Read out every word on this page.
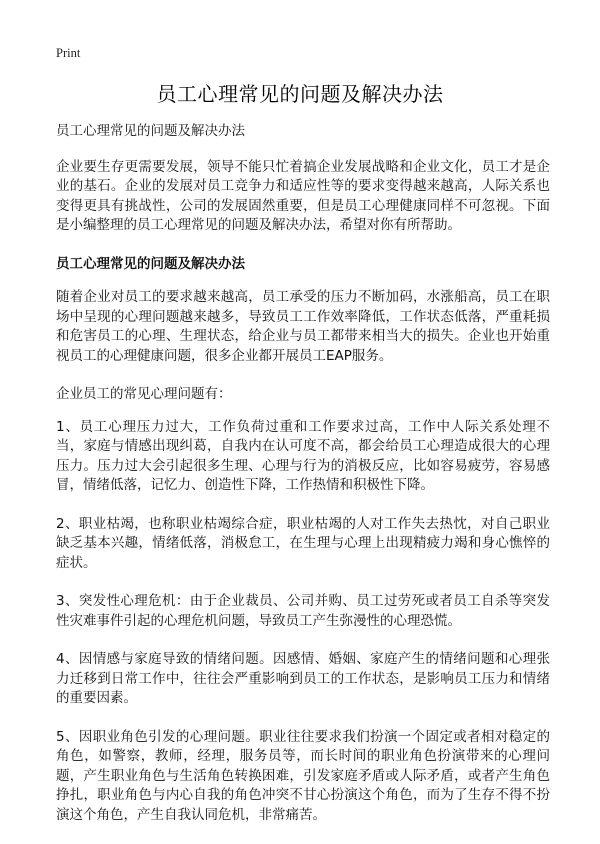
Print
员工心理常见的问题及解决办法

员工心理常见的问题及解决办法

企业要生存更需要发展，领导不能只忙着搞企业发展战略和企业文化，员工才是企业的基石。企业的发展对员工竞争力和适应性等的要求变得越来越高，人际关系也变得更具有挑战性，公司的发展固然重要，但是员工心理健康同样不可忽视。下面是小编整理的员工心理常见的问题及解决办法，希望对你有所帮助。

员工心理常见的问题及解决办法

随着企业对员工的要求越来越高，员工承受的压力不断加码，水涨船高，员工在职场中呈现的心理问题越来越多，导致员工工作效率降低，工作状态低落，严重耗损和危害员工的心理、生理状态，给企业与员工都带来相当大的损失。企业也开始重视员工的心理健康问题，很多企业都开展员工EAP服务。

企业员工的常见心理问题有：

1、员工心理压力过大，工作负荷过重和工作要求过高，工作中人际关系处理不当，家庭与情感出现纠葛，自我内在认可度不高，都会给员工心理造成很大的心理压力。压力过大会引起很多生理、心理与行为的消极反应，比如容易疲劳，容易感冒，情绪低落，记忆力、创造性下降，工作热情和积极性下降。

2、职业枯竭，也称职业枯竭综合症，职业枯竭的人对工作失去热忱，对自己职业缺乏基本兴趣，情绪低落，消极怠工，在生理与心理上出现精疲力竭和身心憔悴的症状。

3、突发性心理危机：由于企业裁员、公司并购、员工过劳死或者员工自杀等突发性灾难事件引起的心理危机问题，导致员工产生弥漫性的心理恐慌。

4、因情感与家庭导致的情绪问题。因感情、婚姻、家庭产生的情绪问题和心理张力迁移到日常工作中，往往会严重影响到员工的工作状态，是影响员工压力和情绪的重要因素。

5、因职业角色引发的心理问题。职业往往要求我们扮演一个固定或者相对稳定的角色，如警察，教师，经理，服务员等，而长时间的职业角色扮演带来的心理问题，产生职业角色与生活角色转换困难，引发家庭矛盾或人际矛盾，或者产生角色挣扎，职业角色与内心自我的角色冲突不甘心扮演这个角色，而为了生存不得不扮演这个角色，产生自我认同危机，非常痛苦。
